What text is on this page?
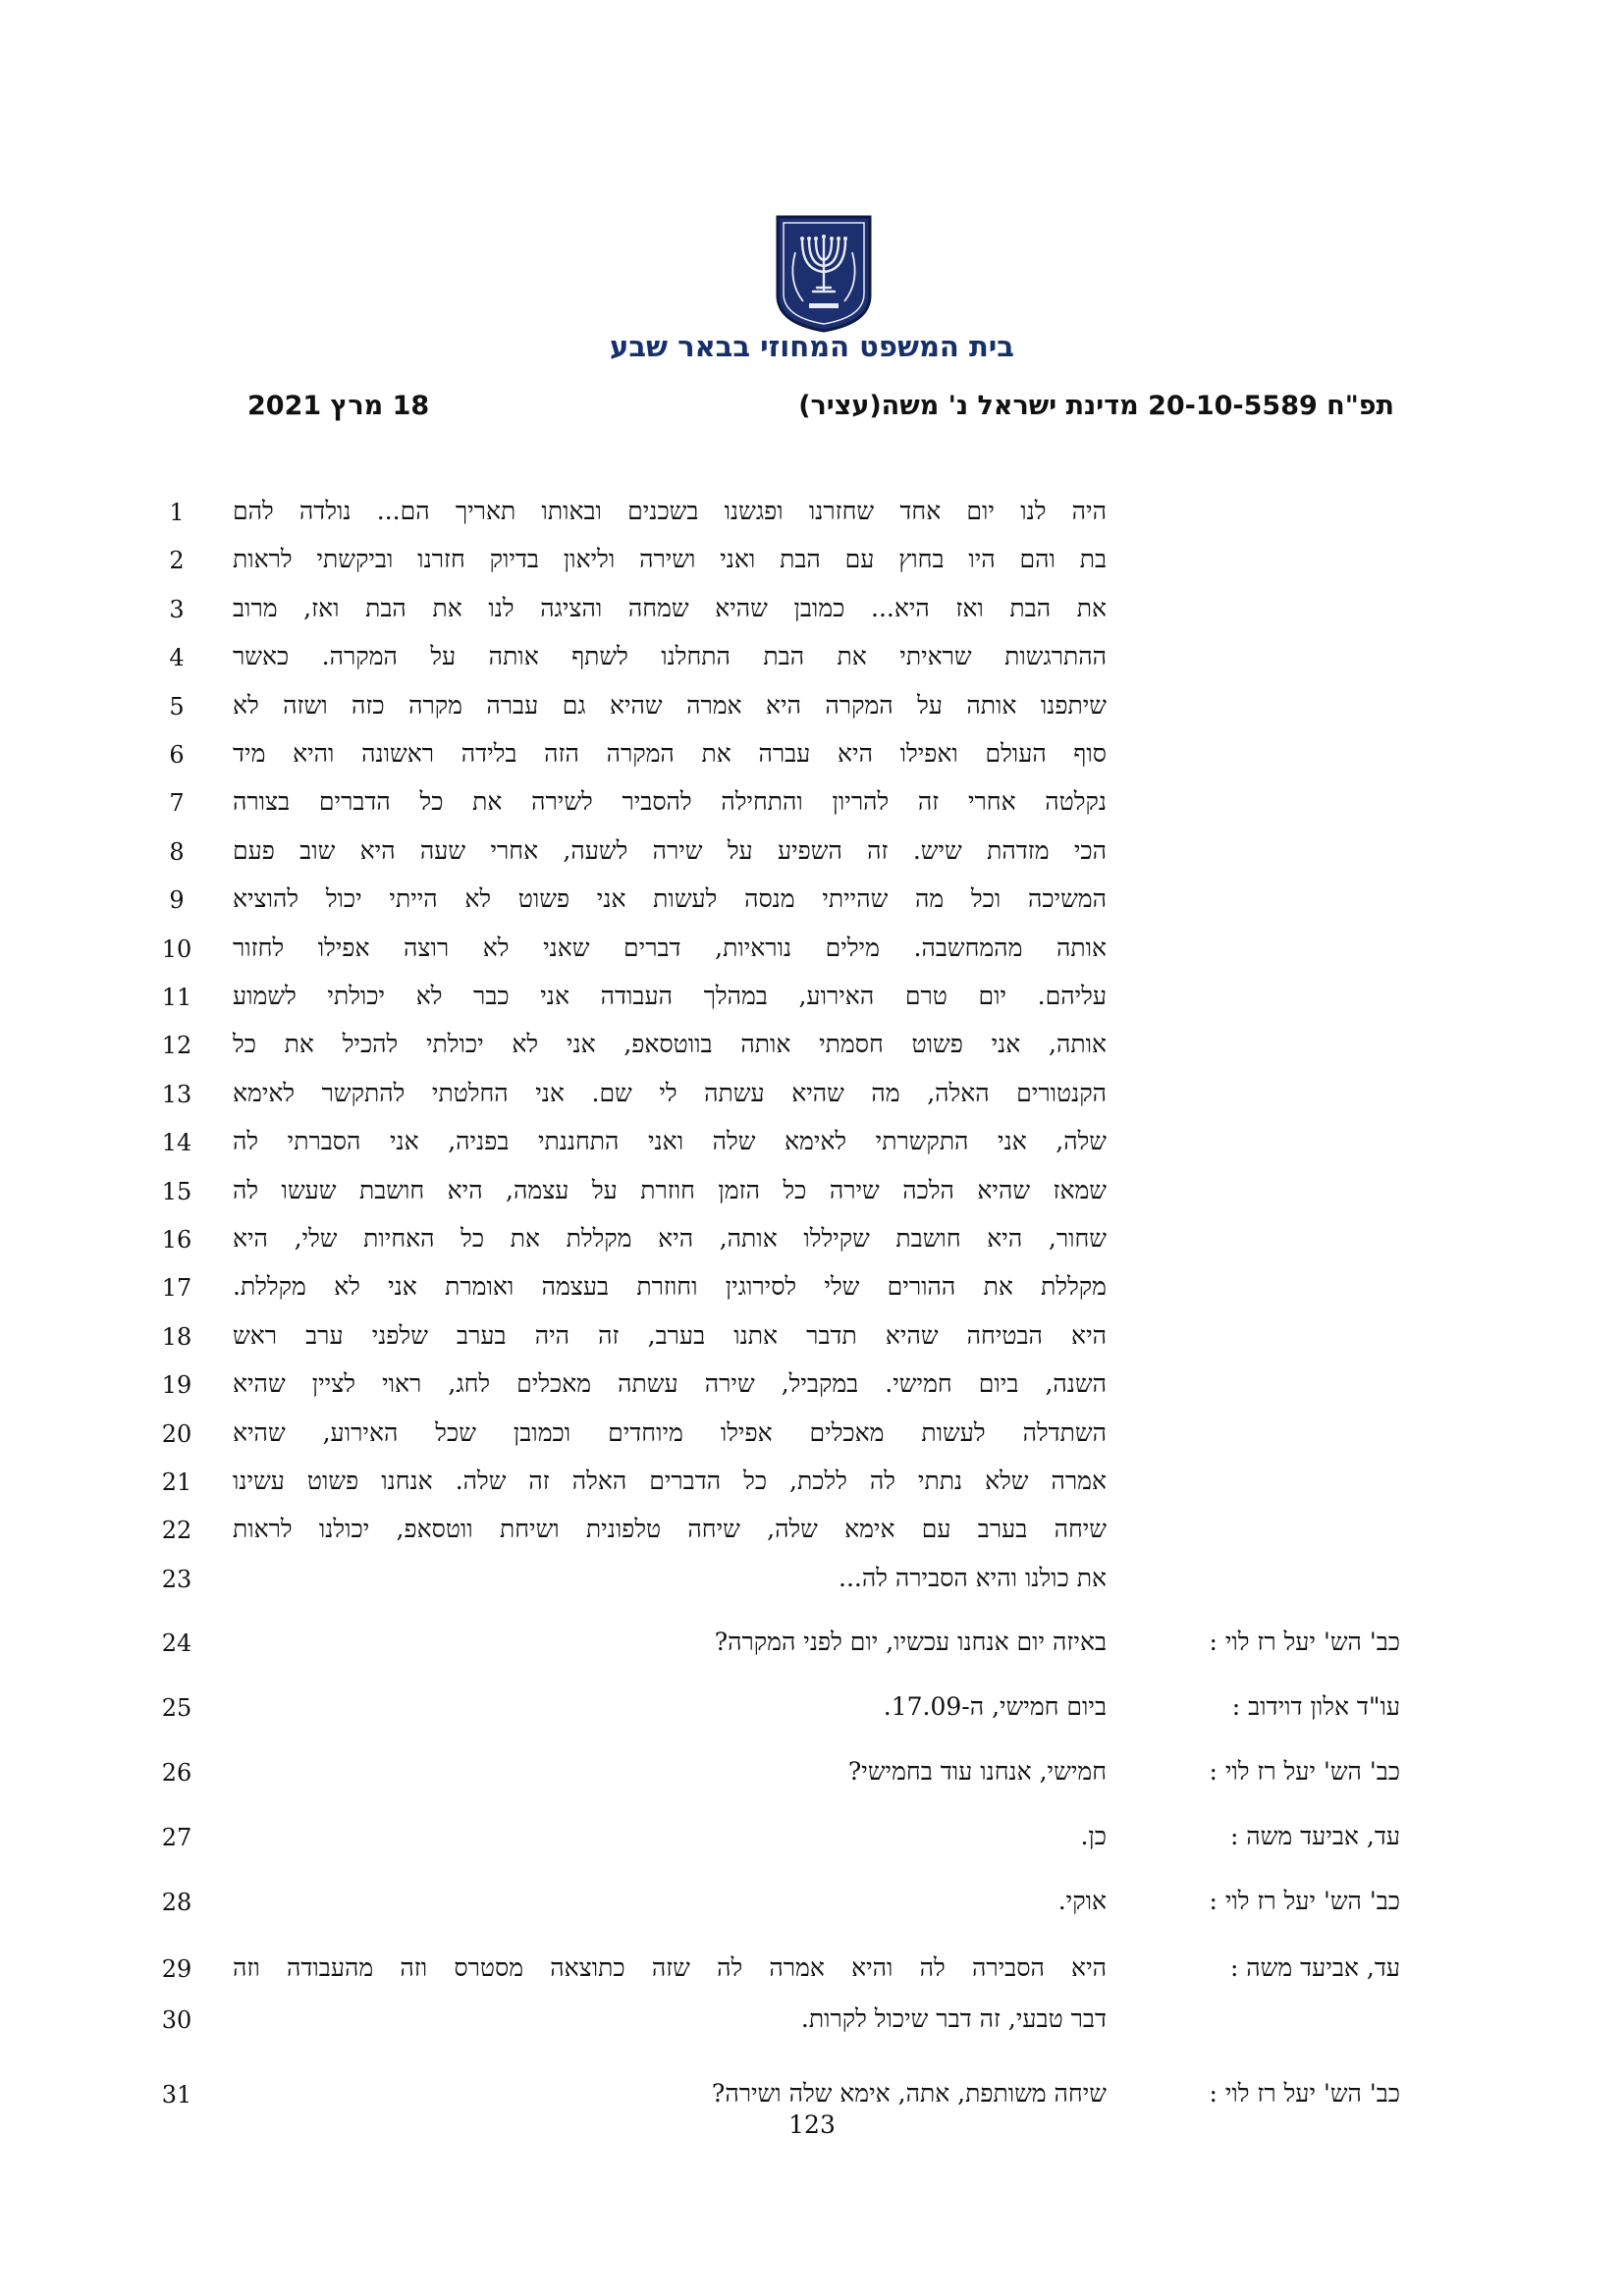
בית המשפט המחוזי בבאר שבע
תפ"ח 20-10-5589 מדינת ישראל נ' משה(עציר)
18 מרץ 2021
1	היה לנו יום אחד שחזרנו ופגשנו בשכנים ובאותו תאריך הם... נולדה להם
2	בת והם היו בחוץ עם הבת ואני ושירה וליאון בדיוק חזרנו וביקשתי לראות
3	את הבת ואז היא... כמובן שהיא שמחה והציגה לנו את הבת ואז, מרוב
4	ההתרגשות שראיתי את הבת התחלנו לשתף אותה על המקרה. כאשר
5	שיתפנו אותה על המקרה היא אמרה שהיא גם עברה מקרה כזה ושזה לא
6	סוף העולם ואפילו היא עברה את המקרה הזה בלידה ראשונה והיא מיד
7	נקלטה אחרי זה להריון והתחילה להסביר לשירה את כל הדברים בצורה
8	הכי מזדהת שיש. זה השפיע על שירה לשעה, אחרי שעה היא שוב פעם
9	המשיכה וכל מה שהייתי מנסה לעשות אני פשוט לא הייתי יכול להוציא
10	אותה מהמחשבה. מילים נוראיות, דברים שאני לא רוצה אפילו לחזור
11	עליהם. יום טרם האירוע, במהלך העבודה אני כבר לא יכולתי לשמוע
12	אותה, אני פשוט חסמתי אותה בווטסאפ, אני לא יכולתי להכיל את כל
13	הקנטורים האלה, מה שהיא עשתה לי שם. אני החלטתי להתקשר לאימא
14	שלה, אני התקשרתי לאימא שלה ואני התחננתי בפניה, אני הסברתי לה
15	שמאז שהיא הלכה שירה כל הזמן חוזרת על עצמה, היא חושבת שעשו לה
16	שחור, היא חושבת שקיללו אותה, היא מקללת את כל האחיות שלי, היא
17	מקללת את ההורים שלי לסירוגין וחוזרת בעצמה ואומרת אני לא מקללת.
18	היא הבטיחה שהיא תדבר אתנו בערב, זה היה בערב שלפני ערב ראש
19	השנה, ביום חמישי. במקביל, שירה עשתה מאכלים לחג, ראוי לציין שהיא
20	השתדלה לעשות מאכלים אפילו מיוחדים וכמובן שכל האירוע, שהיא
21	אמרה שלא נתתי לה ללכת, כל הדברים האלה זה שלה. אנחנו פשוט עשינו
22	שיחה בערב עם אימא שלה, שיחה טלפונית ושיחת ווטסאפ, יכולנו לראות
23	את כולנו והיא הסבירה לה...
24	כב' הש' יעל רז לוי :
באיזה יום אנחנו עכשיו, יום לפני המקרה?
25	עו"ד אלון דוידוב :
ביום חמישי, ה-17.09.
26	כב' הש' יעל רז לוי :
חמישי, אנחנו עוד בחמישי?
27	עד, אביעד משה :
כן.
28	כב' הש' יעל רז לוי :
אוקי.
29	עד, אביעד משה :
היא הסבירה לה והיא אמרה לה שזה כתוצאה מסטרס וזה מהעבודה וזה
30	דבר טבעי, זה דבר שיכול לקרות.
31	כב' הש' יעל רז לוי :
שיחה משותפת, אתה, אימא שלה ושירה?
123
